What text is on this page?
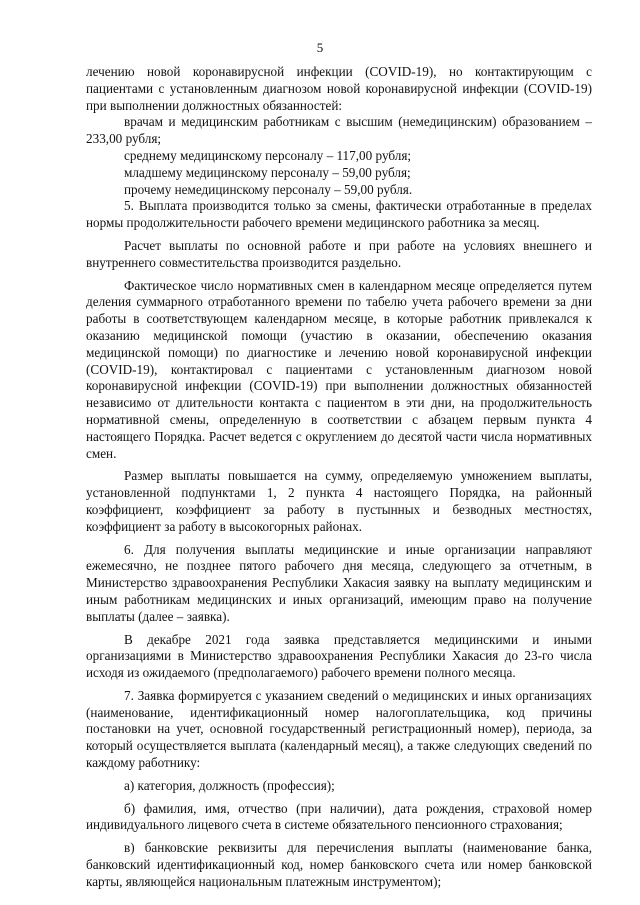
5

лечению новой коронавирусной инфекции (COVID-19), но контактирующим с пациентами с установленным диагнозом новой коронавирусной инфекции (COVID-19) при выполнении должностных обязанностей:

врачам и медицинским работникам с высшим (немедицинским) образованием – 233,00 рубля;

среднему медицинскому персоналу – 117,00 рубля;

младшему медицинскому персоналу – 59,00 рубля;

прочему немедицинскому персоналу – 59,00 рубля.

5. Выплата производится только за смены, фактически отработанные в пределах нормы продолжительности рабочего времени медицинского работника за месяц.

Расчет выплаты по основной работе и при работе на условиях внешнего и внутреннего совместительства производится раздельно.

Фактическое число нормативных смен в календарном месяце определяется путем деления суммарного отработанного времени по табелю учета рабочего времени за дни работы в соответствующем календарном месяце, в которые работник привлекался к оказанию медицинской помощи (участию в оказании, обеспечению оказания медицинской помощи) по диагностике и лечению новой коронавирусной инфекции (COVID-19), контактировал с пациентами с установленным диагнозом новой коронавирусной инфекции (COVID-19) при выполнении должностных обязанностей независимо от длительности контакта с пациентом в эти дни, на продолжительность нормативной смены, определенную в соответствии с абзацем первым пункта 4 настоящего Порядка. Расчет ведется с округлением до десятой части числа нормативных смен.

Размер выплаты повышается на сумму, определяемую умножением выплаты, установленной подпунктами 1, 2 пункта 4 настоящего Порядка, на районный коэффициент, коэффициент за работу в пустынных и безводных местностях, коэффициент за работу в высокогорных районах.

6. Для получения выплаты медицинские и иные организации направляют ежемесячно, не позднее пятого рабочего дня месяца, следующего за отчетным, в Министерство здравоохранения Республики Хакасия заявку на выплату медицинским и иным работникам медицинских и иных организаций, имеющим право на получение выплаты (далее – заявка).

В декабре 2021 года заявка представляется медицинскими и иными организациями в Министерство здравоохранения Республики Хакасия до 23-го числа исходя из ожидаемого (предполагаемого) рабочего времени полного месяца.

7. Заявка формируется с указанием сведений о медицинских и иных организациях (наименование, идентификационный номер налогоплательщика, код причины постановки на учет, основной государственный регистрационный номер), периода, за который осуществляется выплата (календарный месяц), а также следующих сведений по каждому работнику:

а) категория, должность (профессия);

б) фамилия, имя, отчество (при наличии), дата рождения, страховой номер индивидуального лицевого счета в системе обязательного пенсионного страхования;

в) банковские реквизиты для перечисления выплаты (наименование банка, банковский идентификационный код, номер банковского счета или номер банковской карты, являющейся национальным платежным инструментом);
